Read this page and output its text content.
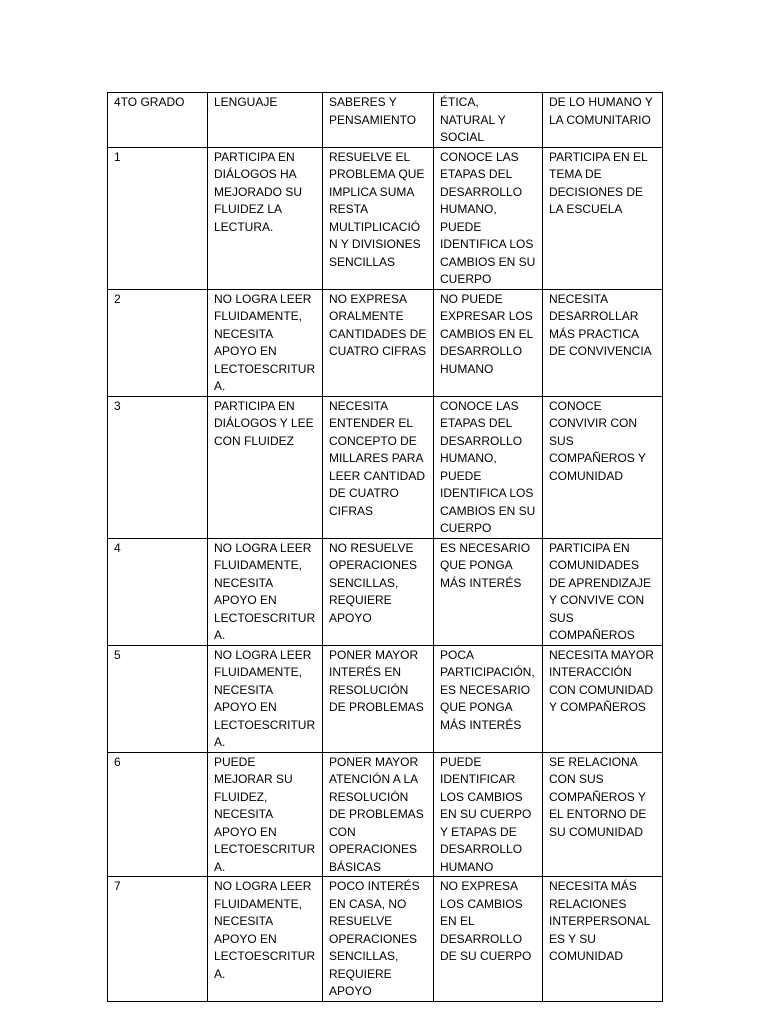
4TO GRADO	LENGUAJE	SABERES Y PENSAMIENTO	ÉTICA, NATURAL Y SOCIAL	DE LO HUMANO Y LA COMUNITARIO
1	PARTICIPA EN DIÁLOGOS HA MEJORADO SU FLUIDEZ LA LECTURA.	RESUELVE EL PROBLEMA QUE IMPLICA SUMA RESTA MULTIPLICACIÓN Y DIVISIONES SENCILLAS	CONOCE LAS ETAPAS DEL DESARROLLO HUMANO, PUEDE IDENTIFICA LOS CAMBIOS EN SU CUERPO	PARTICIPA EN EL TEMA DE DECISIONES DE LA ESCUELA
2	NO LOGRA LEER FLUIDAMENTE, NECESITA APOYO EN LECTOESCRITURA.	NO EXPRESA ORALMENTE CANTIDADES DE CUATRO CIFRAS	NO PUEDE EXPRESAR LOS CAMBIOS EN EL DESARROLLO HUMANO	NECESITA DESARROLLAR MÁS PRACTICA DE CONVIVENCIA
3	PARTICIPA EN DIÁLOGOS Y LEE CON FLUIDEZ	NECESITA ENTENDER EL CONCEPTO DE MILLARES PARA LEER CANTIDAD DE CUATRO CIFRAS	CONOCE LAS ETAPAS DEL DESARROLLO HUMANO, PUEDE IDENTIFICA LOS CAMBIOS EN SU CUERPO	CONOCE CONVIVIR CON SUS COMPAÑEROS Y COMUNIDAD
4	NO LOGRA LEER FLUIDAMENTE, NECESITA APOYO EN LECTOESCRITURA.	NO RESUELVE OPERACIONES SENCILLAS, REQUIERE APOYO	ES NECESARIO QUE PONGA MÁS INTERÉS	PARTICIPA EN COMUNIDADES DE APRENDIZAJE Y CONVIVE CON SUS COMPAÑEROS
5	NO LOGRA LEER FLUIDAMENTE, NECESITA APOYO EN LECTOESCRITURA.	PONER MAYOR INTERÉS EN RESOLUCIÓN DE PROBLEMAS	POCA PARTICIPACIÓN, ES NECESARIO QUE PONGA MÁS INTERÉS	NECESITA MAYOR INTERACCIÓN CON COMUNIDAD Y COMPAÑEROS
6	PUEDE MEJORAR SU FLUIDEZ, NECESITA APOYO EN LECTOESCRITURA.	PONER MAYOR ATENCIÓN A LA RESOLUCIÓN DE PROBLEMAS CON OPERACIONES BÁSICAS	PUEDE IDENTIFICAR LOS CAMBIOS EN SU CUERPO Y ETAPAS DE DESARROLLO HUMANO	SE RELACIONA CON SUS COMPAÑEROS Y EL ENTORNO DE SU COMUNIDAD
7	NO LOGRA LEER FLUIDAMENTE, NECESITA APOYO EN LECTOESCRITURA.	POCO INTERÉS EN CASA, NO RESUELVE OPERACIONES SENCILLAS, REQUIERE APOYO	NO EXPRESA LOS CAMBIOS EN EL DESARROLLO DE SU CUERPO	NECESITA MÁS RELACIONES INTERPERSONALES Y SU COMUNIDAD
